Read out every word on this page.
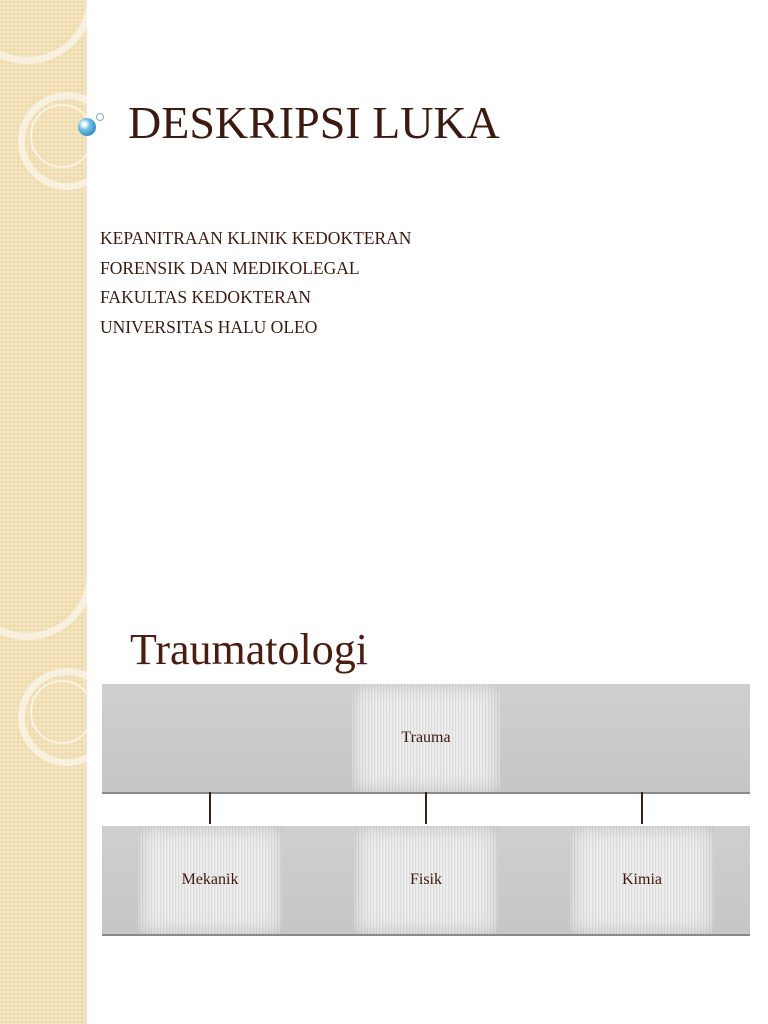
DESKRIPSI LUKA
KEPANITRAAN KLINIK KEDOKTERAN
FORENSIK DAN MEDIKOLEGAL
FAKULTAS KEDOKTERAN
UNIVERSITAS HALU OLEO
Traumatologi
Trauma
Mekanik	Fisik	Kimia
